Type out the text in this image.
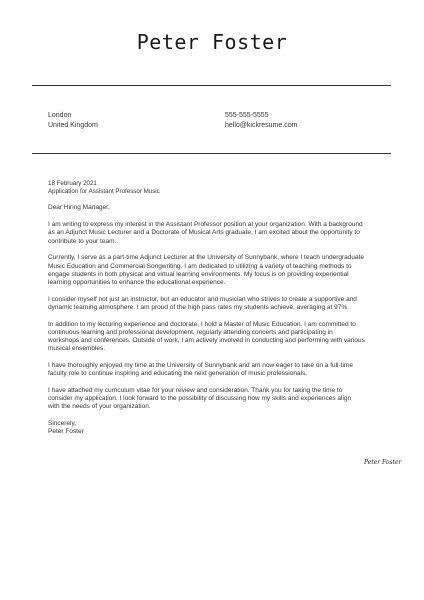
Peter Foster
London
United Kingdom
555-555-5555
hello@kickresume.com

18 February 2021

Application for Assistant Professor Music

Dear Hiring Manager,

I am writing to express my interest in the Assistant Professor position at your organization. With a background
as an Adjunct Music Lecturer and a Doctorate of Musical Arts graduate, I am excited about the opportunity to
contribute to your team.

Currently, I serve as a part-time Adjunct Lecturer at the University of Sunnybank, where I teach undergraduate
Music Education and Commercial Songwriting. I am dedicated to utilizing a variety of teaching methods to
engage students in both physical and virtual learning environments. My focus is on providing experiential
learning opportunities to enhance the educational experience.

I consider myself not just an instructor, but an educator and musician who strives to create a supportive and
dynamic learning atmosphere. I am proud of the high pass rates my students achieve, averaging at 97%.

In addition to my lecturing experience and doctorate, I hold a Master of Music Education. I am committed to
continuous learning and professional development, regularly attending concerts and participating in
workshops and conferences. Outside of work, I am actively involved in conducting and performing with various
musical ensembles.

I have thoroughly enjoyed my time at the University of Sunnybank and am now eager to take on a full-time
faculty role to continue inspiring and educating the next generation of music professionals.

I have attached my curriculum vitae for your review and consideration. Thank you for taking the time to
consider my application. I look forward to the possibility of discussing how my skills and experiences align
with the needs of your organization.

Sincerely,

Peter Foster

Peter Foster
